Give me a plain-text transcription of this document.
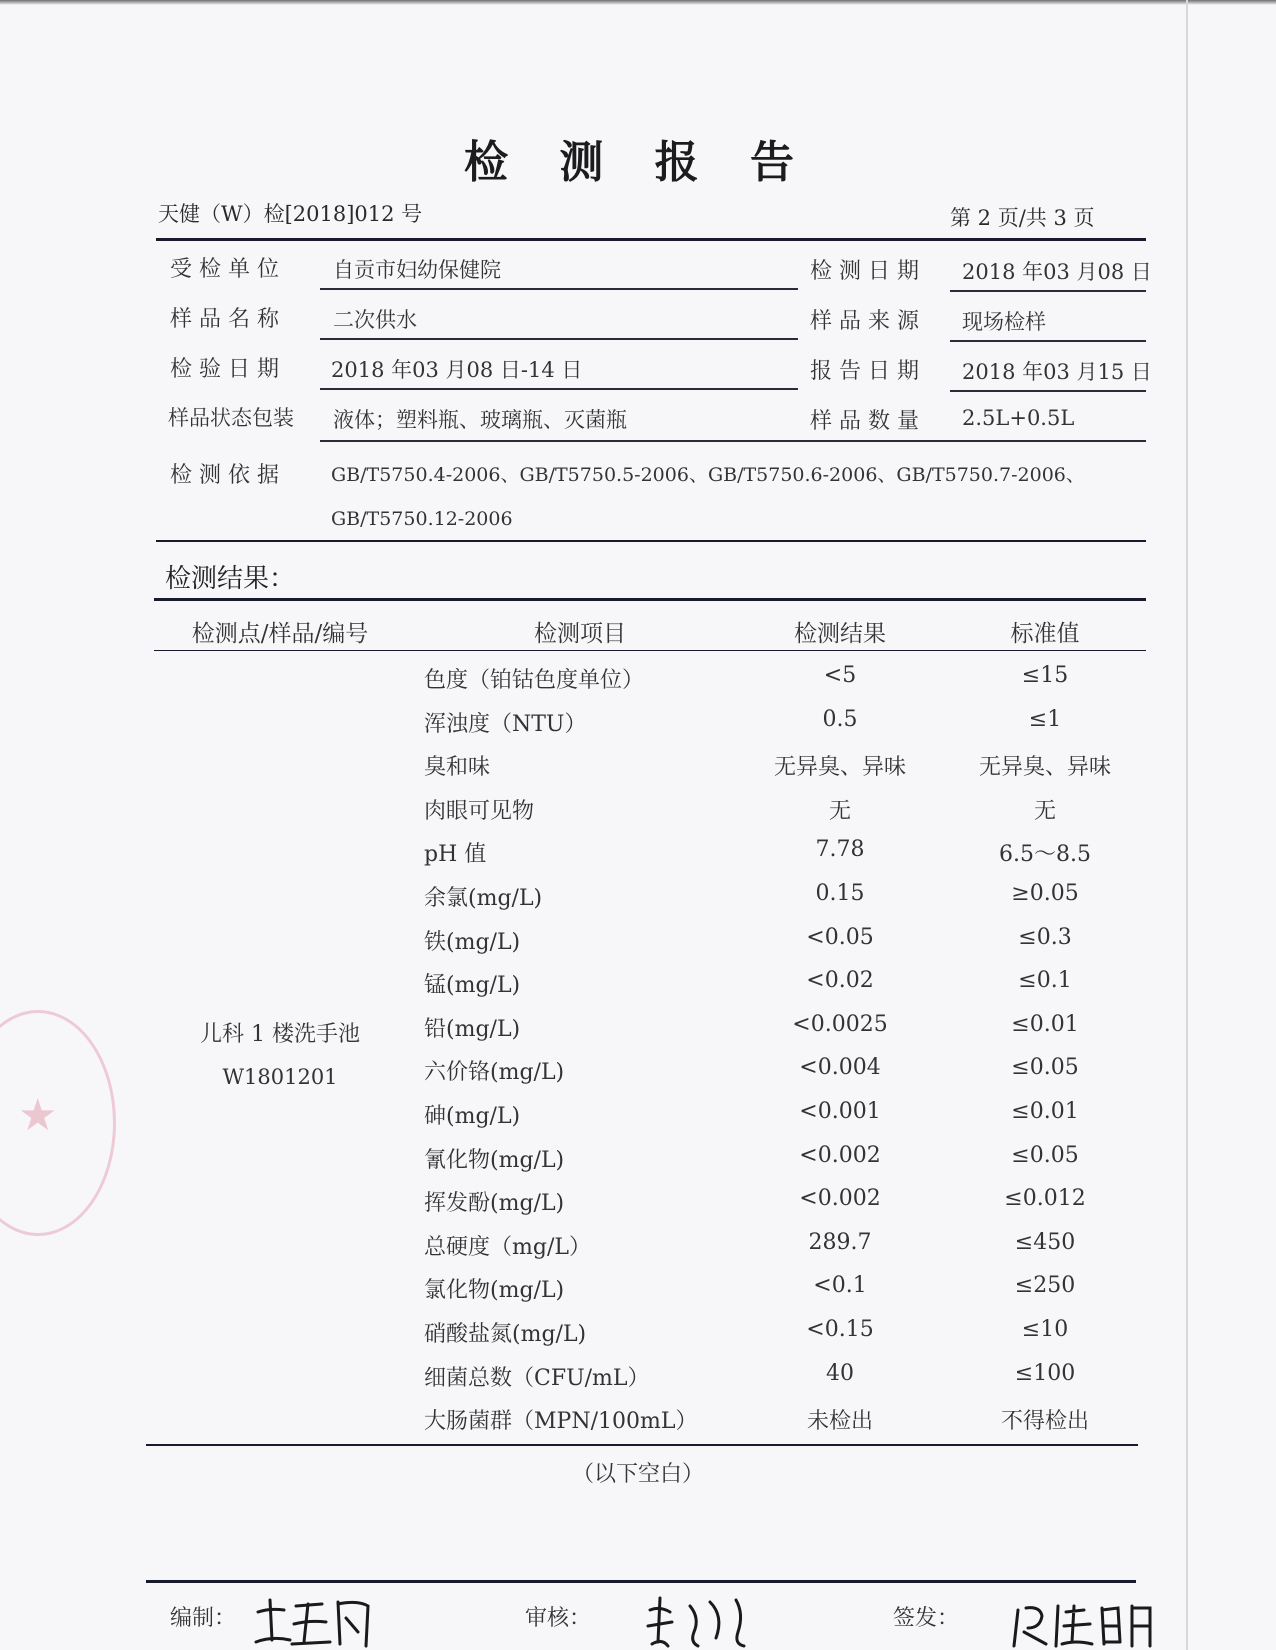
★
检 测 报 告
天健（W）检[2018]012 号	第 2 页/共 3 页
受 检 单 位	自贡市妇幼保健院	检 测 日 期 2018 年03 月08 日
样 品 名 称	二次供水	样 品 来 源 现场检样
检 验 日 期 2018 年03 月08 日-14 日	报 告 日 期 2018 年03 月15 日
样品状态包装 液体；塑料瓶、玻璃瓶、灭菌瓶	样 品 数 量 2.5L+0.5L
检 测 依 据	GB/T5750.4-2006、GB/T5750.5-2006、GB/T5750.6-2006、GB/T5750.7-2006、
GB/T5750.12-2006
检测结果：
检测点/样品/编号	检测项目	检测结果	标准值
儿科 1 楼洗手池
W1801201
色度（铂钴色度单位）	<5	≤15
浑浊度（NTU）	0.5	≤1
臭和味	无异臭、异味	无异臭、异味
肉眼可见物	无	无
pH 值	7.78	6.5～8.5
余氯(mg/L)	0.15	≥0.05
铁(mg/L)	<0.05	≤0.3
锰(mg/L)	<0.02	≤0.1
铅(mg/L)	<0.0025	≤0.01
六价铬(mg/L)	<0.004	≤0.05
砷(mg/L)	<0.001	≤0.01
氰化物(mg/L)	<0.002	≤0.05
挥发酚(mg/L)	<0.002	≤0.012
总硬度（mg/L）	289.7	≤450
氯化物(mg/L)	<0.1	≤250
硝酸盐氮(mg/L)	<0.15	≤10
细菌总数（CFU/mL）	40	≤100
大肠菌群（MPN/100mL）	未检出	不得检出
（以下空白）
编制：	审核：	签发：
